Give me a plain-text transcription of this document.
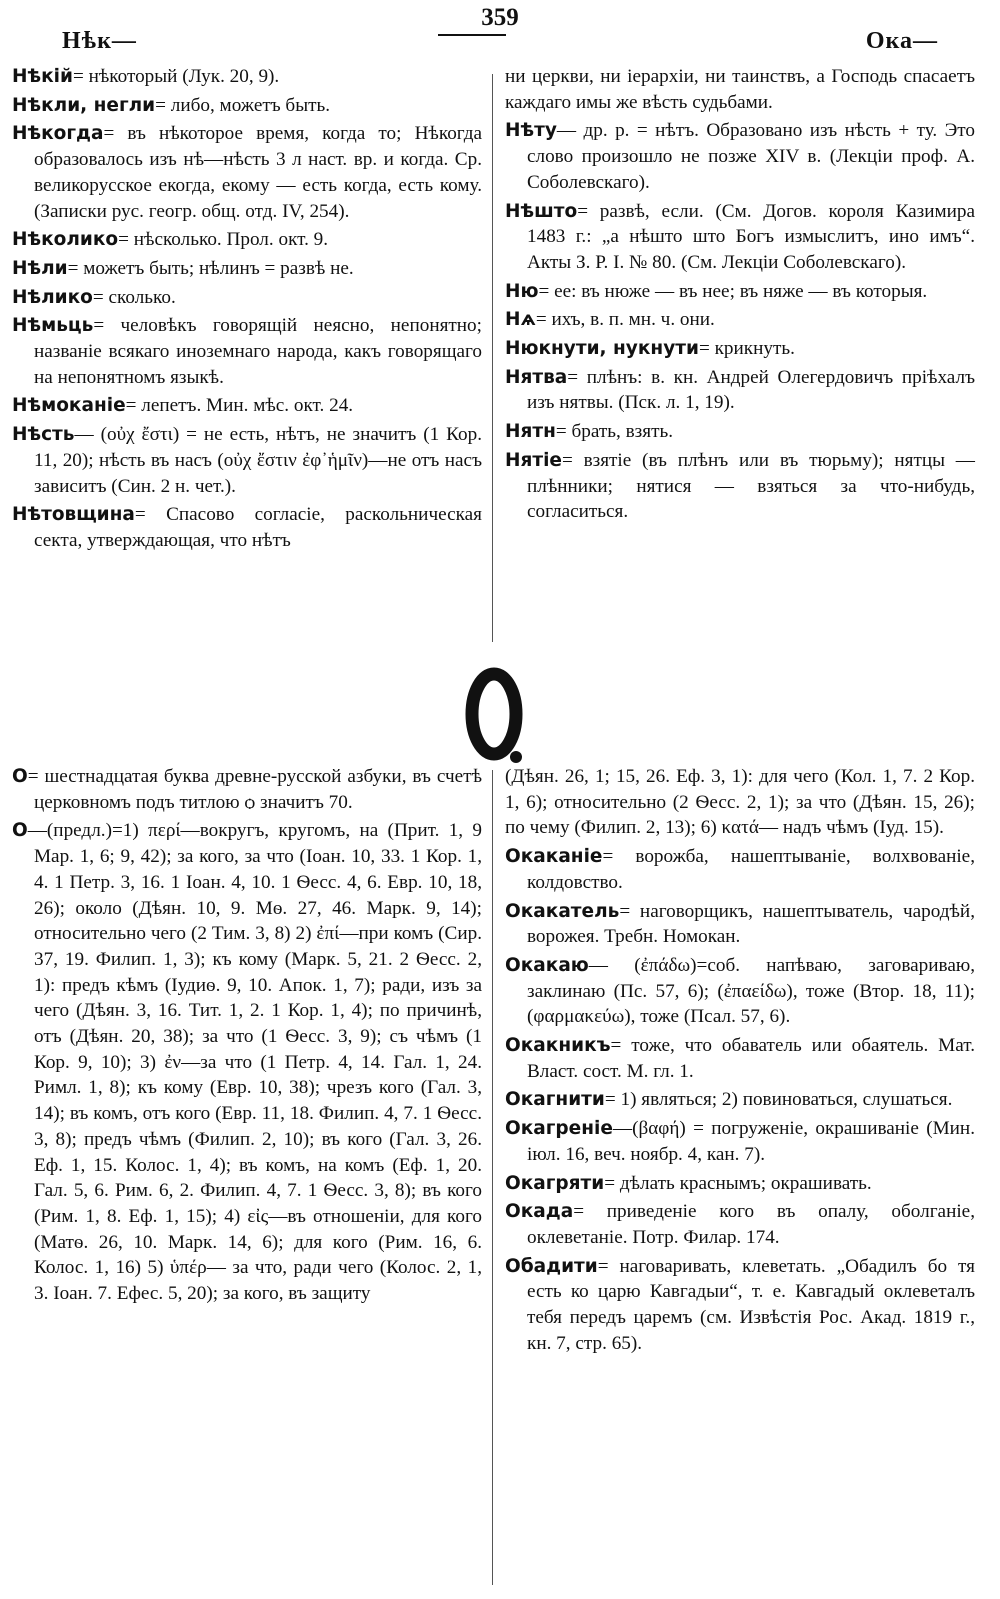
Нѣк—
359
Ока—

Нѣкій= нѣкоторый (Лук. 20, 9).

Нѣкли, негли= либо, можетъ быть.

Нѣкогда= въ нѣкоторое время, когда то; Нѣкогда образовалось изъ нѣ—нѣсть 3 л наст. вр. и когда. Ср. великорусское екогда, екому — есть когда, есть кому. (Записки рус. геогр. общ. отд. IV, 254).

Нѣколико= нѣсколько. Прол. окт. 9.

Нѣли= можетъ быть; нѣлинъ = развѣ не.

Нѣлико= сколько.

Нѣмьць= человѣкъ говорящій неясно, непонятно; названіе всякаго иноземнаго народа, какъ говорящаго на непонятномъ языкѣ.

Нѣмоканіе= лепетъ. Мин. мѣс. окт. 24.

Нѣсть— (οὐχ ἔστι) = не есть, нѣтъ, не значитъ (1 Кор. 11, 20); нѣсть въ насъ (οὐχ ἔστιν ἐφ᾽ἡμῖν)—не отъ насъ зависитъ (Син. 2 н. чет.).

Нѣтовщина= Спасово согласіе, раскольническая секта, утверждающая, что нѣтъ

ни церкви, ни іерархіи, ни таинствъ, а Господь спасаетъ каждаго имы же вѣсть судьбами.

Нѣту— др. р. = нѣтъ. Образовано изъ нѣсть + ту. Это слово произошло не позже XIV в. (Лекціи проф. А. Соболевскаго).

Нѣшто= развѣ, если. (См. Догов. короля Казимира 1483 г.: „а нѣшто што Богъ измыслитъ, ино имъ“. Акты З. Р. I. № 80. (См. Лекціи Соболевскаго).

Ню= ее: въ нюже — въ нее; въ няже — въ которыя.

Нѧ= ихъ, в. п. мн. ч. они.

Нюкнути, нукнути= крикнуть.

Нятва= плѣнъ: в. кн. Андрей Олегердовичъ пріѣхалъ изъ нятвы. (Пск. л. 1, 19).

Нятн= брать, взять.

Нятіе= взятіе (въ плѣнъ или въ тюрьму); нятцы — плѣнники; нятися — взяться за что-нибудь, согласиться.

О= шестнадцатая буква древне-русской азбуки, въ счетѣ церковномъ подъ титлою ѻ значитъ 70.

О—(предл.)=1) περί—вокругъ, кругомъ, на (Прит. 1, 9 Мар. 1, 6; 9, 42); за кого, за что (Іоан. 10, 33. 1 Кор. 1, 4. 1 Петр. 3, 16. 1 Іоан. 4, 10. 1 Ѳесс. 4, 6. Евр. 10, 18, 26); около (Дѣян. 10, 9. Мѳ. 27, 46. Марк. 9, 14); относительно чего (2 Тим. 3, 8) 2) ἐπί—при комъ (Сир. 37, 19. Филип. 1, 3); къ кому (Марк. 5, 21. 2 Ѳесс. 2, 1): предъ кѣмъ (Іудиѳ. 9, 10. Апок. 1, 7); ради, изъ за чего (Дѣян. 3, 16. Тит. 1, 2. 1 Кор. 1, 4); по причинѣ, отъ (Дѣян. 20, 38); за что (1 Ѳесс. 3, 9); съ чѣмъ (1 Кор. 9, 10); 3) ἐν—за что (1 Петр. 4, 14. Гал. 1, 24. Римл. 1, 8); къ кому (Евр. 10, 38); чрезъ кого (Гал. 3, 14); въ комъ, отъ кого (Евр. 11, 18. Филип. 4, 7. 1 Ѳесс. 3, 8); предъ чѣмъ (Филип. 2, 10); въ кого (Гал. 3, 26. Еф. 1, 15. Колос. 1, 4); въ комъ, на комъ (Еф. 1, 20. Гал. 5, 6. Рим. 6, 2. Филип. 4, 7. 1 Ѳесс. 3, 8); въ кого (Рим. 1, 8. Еф. 1, 15); 4) εἰς—въ отношеніи, для кого (Матѳ. 26, 10. Марк. 14, 6); для кого (Рим. 16, 6. Колос. 1, 16) 5) ὑπέρ— за что, ради чего (Колос. 2, 1, 3. Іоан. 7. Ефес. 5, 20); за кого, въ защиту

(Дѣян. 26, 1; 15, 26. Еф. 3, 1): для чего (Кол. 1, 7. 2 Кор. 1, 6); относительно (2 Ѳесс. 2, 1); за что (Дѣян. 15, 26); по чему (Филип. 2, 13); 6) κατά— надъ чѣмъ (Іуд. 15).

Окаканіе= ворожба, нашептываніе, волхвованіе, колдовство.

Окакатель= наговорщикъ, нашептыватель, чародѣй, ворожея. Требн. Номокан.

Окакаю— (ἐπάδω)=соб. напѣваю, заговариваю, заклинаю (Пс. 57, 6); (ἐπαείδω), тоже (Втор. 18, 11); (φαρμακεύω), тоже (Псал. 57, 6).

Окакникъ= тоже, что обаватель или обаятель. Мат. Власт. сост. М. гл. 1.

Окагнити= 1) являться; 2) повиноваться, слушаться.

Окагреніе—(βαφή) = погруженіе, окрашиваніе (Мин. іюл. 16, веч. ноябр. 4, кан. 7).

Окагряти= дѣлать краснымъ; окрашивать.

Окада= приведеніе кого въ опалу, оболганіе, оклеветаніе. Потр. Филар. 174.

Обадити= наговаривать, клеветать. „Обадилъ бо тя есть ко царю Кавгадыи“, т. е. Кавгадый оклеветалъ тебя передъ царемъ (см. Извѣстія Рос. Акад. 1819 г., кн. 7, стр. 65).
